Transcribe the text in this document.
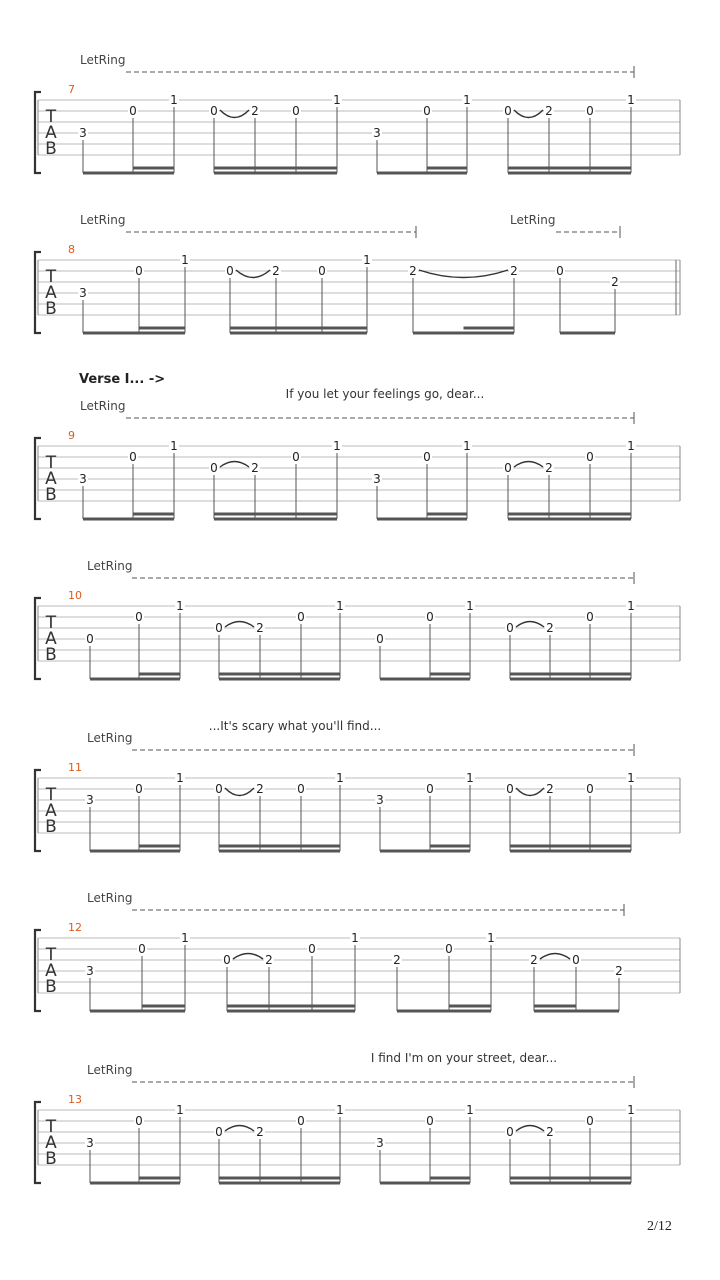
T
A
B
7
LetRing
3
0
1
0	2	0
1
3
0
1
0	2	0
1
T
A
B
8
LetRing	LetRing
3
0
1
0	2	0
1
2	2	0
2
T
A
B
9
LetRing
Verse I... ->
If you let your feelings go, dear...
3
0
1
0	2
0
1
3
0
1
0	2
0
1
T
A
B
10
LetRing
0
0
1
0	2
0
1
0
0
1
0	2
0
1
T
A
B
11
LetRing
...It's scary what you'll find...
3
0
1
0	2	0
1
3
0
1
0	2	0
1
T
A
B
12
LetRing
3
0
1
0	2
0
1
2
0
1
2	0
2
T
A
B
13
LetRing
I find I'm on your street, dear...
3
0
1
0	2
0
1
3
0
1
0	2
0
1
2/12
